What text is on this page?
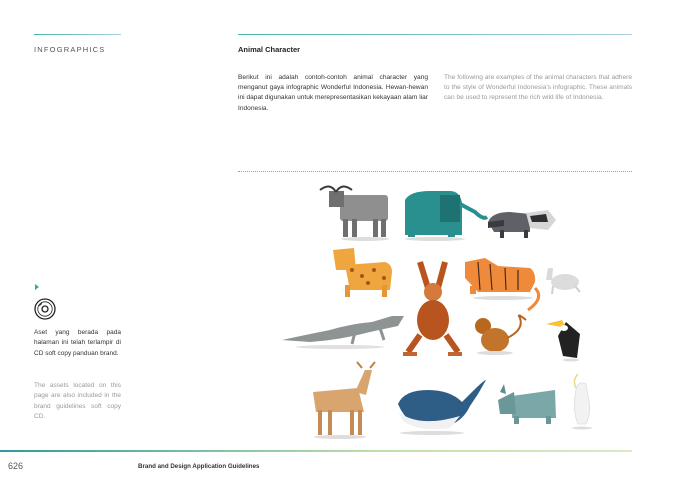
INFOGRAPHICS	Animal Character
Berikut ini adalah contoh-contoh animal character yang menganut gaya infographic Wonderful Indonesia. Hewan-hewan ini dapat digunakan untuk merepresentasikan kekayaan alam liar Indonesia.
The following are examples of the animal characters that adhere to the style of Wonderful Indonesia's infographic. These animals can be used to represent the rich wild life of Indonesia.
Aset yang berada pada halaman ini telah terlampir di CD soft copy panduan brand.
The assets located on this page are also included in the brand guidelines soft copy CD.
626	Brand and Design Application Guidelines
